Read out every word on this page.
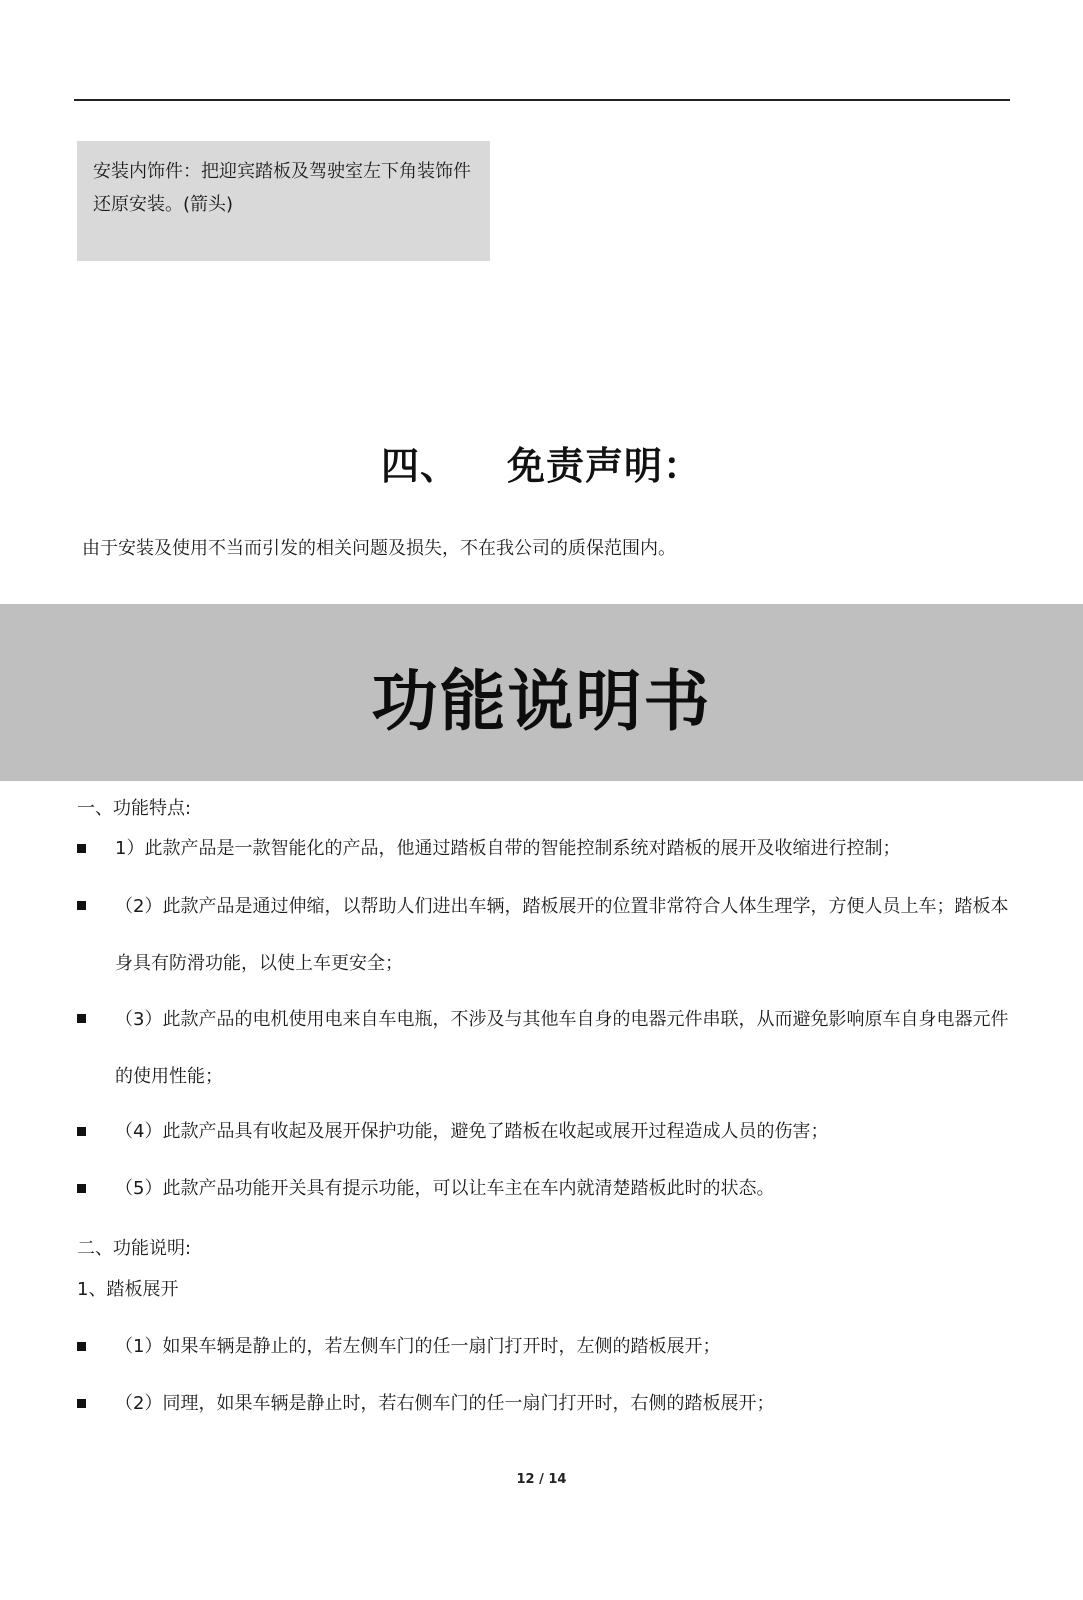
安装内饰件：把迎宾踏板及驾驶室左下角装饰件还原安装。(箭头)
四、 免责声明：
由于安装及使用不当而引发的相关问题及损失，不在我公司的质保范围内。
功能说明书
一、功能特点:
1）此款产品是一款智能化的产品，他通过踏板自带的智能控制系统对踏板的展开及收缩进行控制；
（2）此款产品是通过伸缩，以帮助人们进出车辆，踏板展开的位置非常符合人体生理学，方便人员上车；踏板本身具有防滑功能，以使上车更安全；
（3）此款产品的电机使用电来自车电瓶，不涉及与其他车自身的电器元件串联，从而避免影响原车自身电器元件的使用性能；
（4）此款产品具有收起及展开保护功能，避免了踏板在收起或展开过程造成人员的伤害；
（5）此款产品功能开关具有提示功能，可以让车主在车内就清楚踏板此时的状态。
二、功能说明:
1、踏板展开
（1）如果车辆是静止的，若左侧车门的任一扇门打开时，左侧的踏板展开；
（2）同理，如果车辆是静止时，若右侧车门的任一扇门打开时，右侧的踏板展开；
12 / 14
